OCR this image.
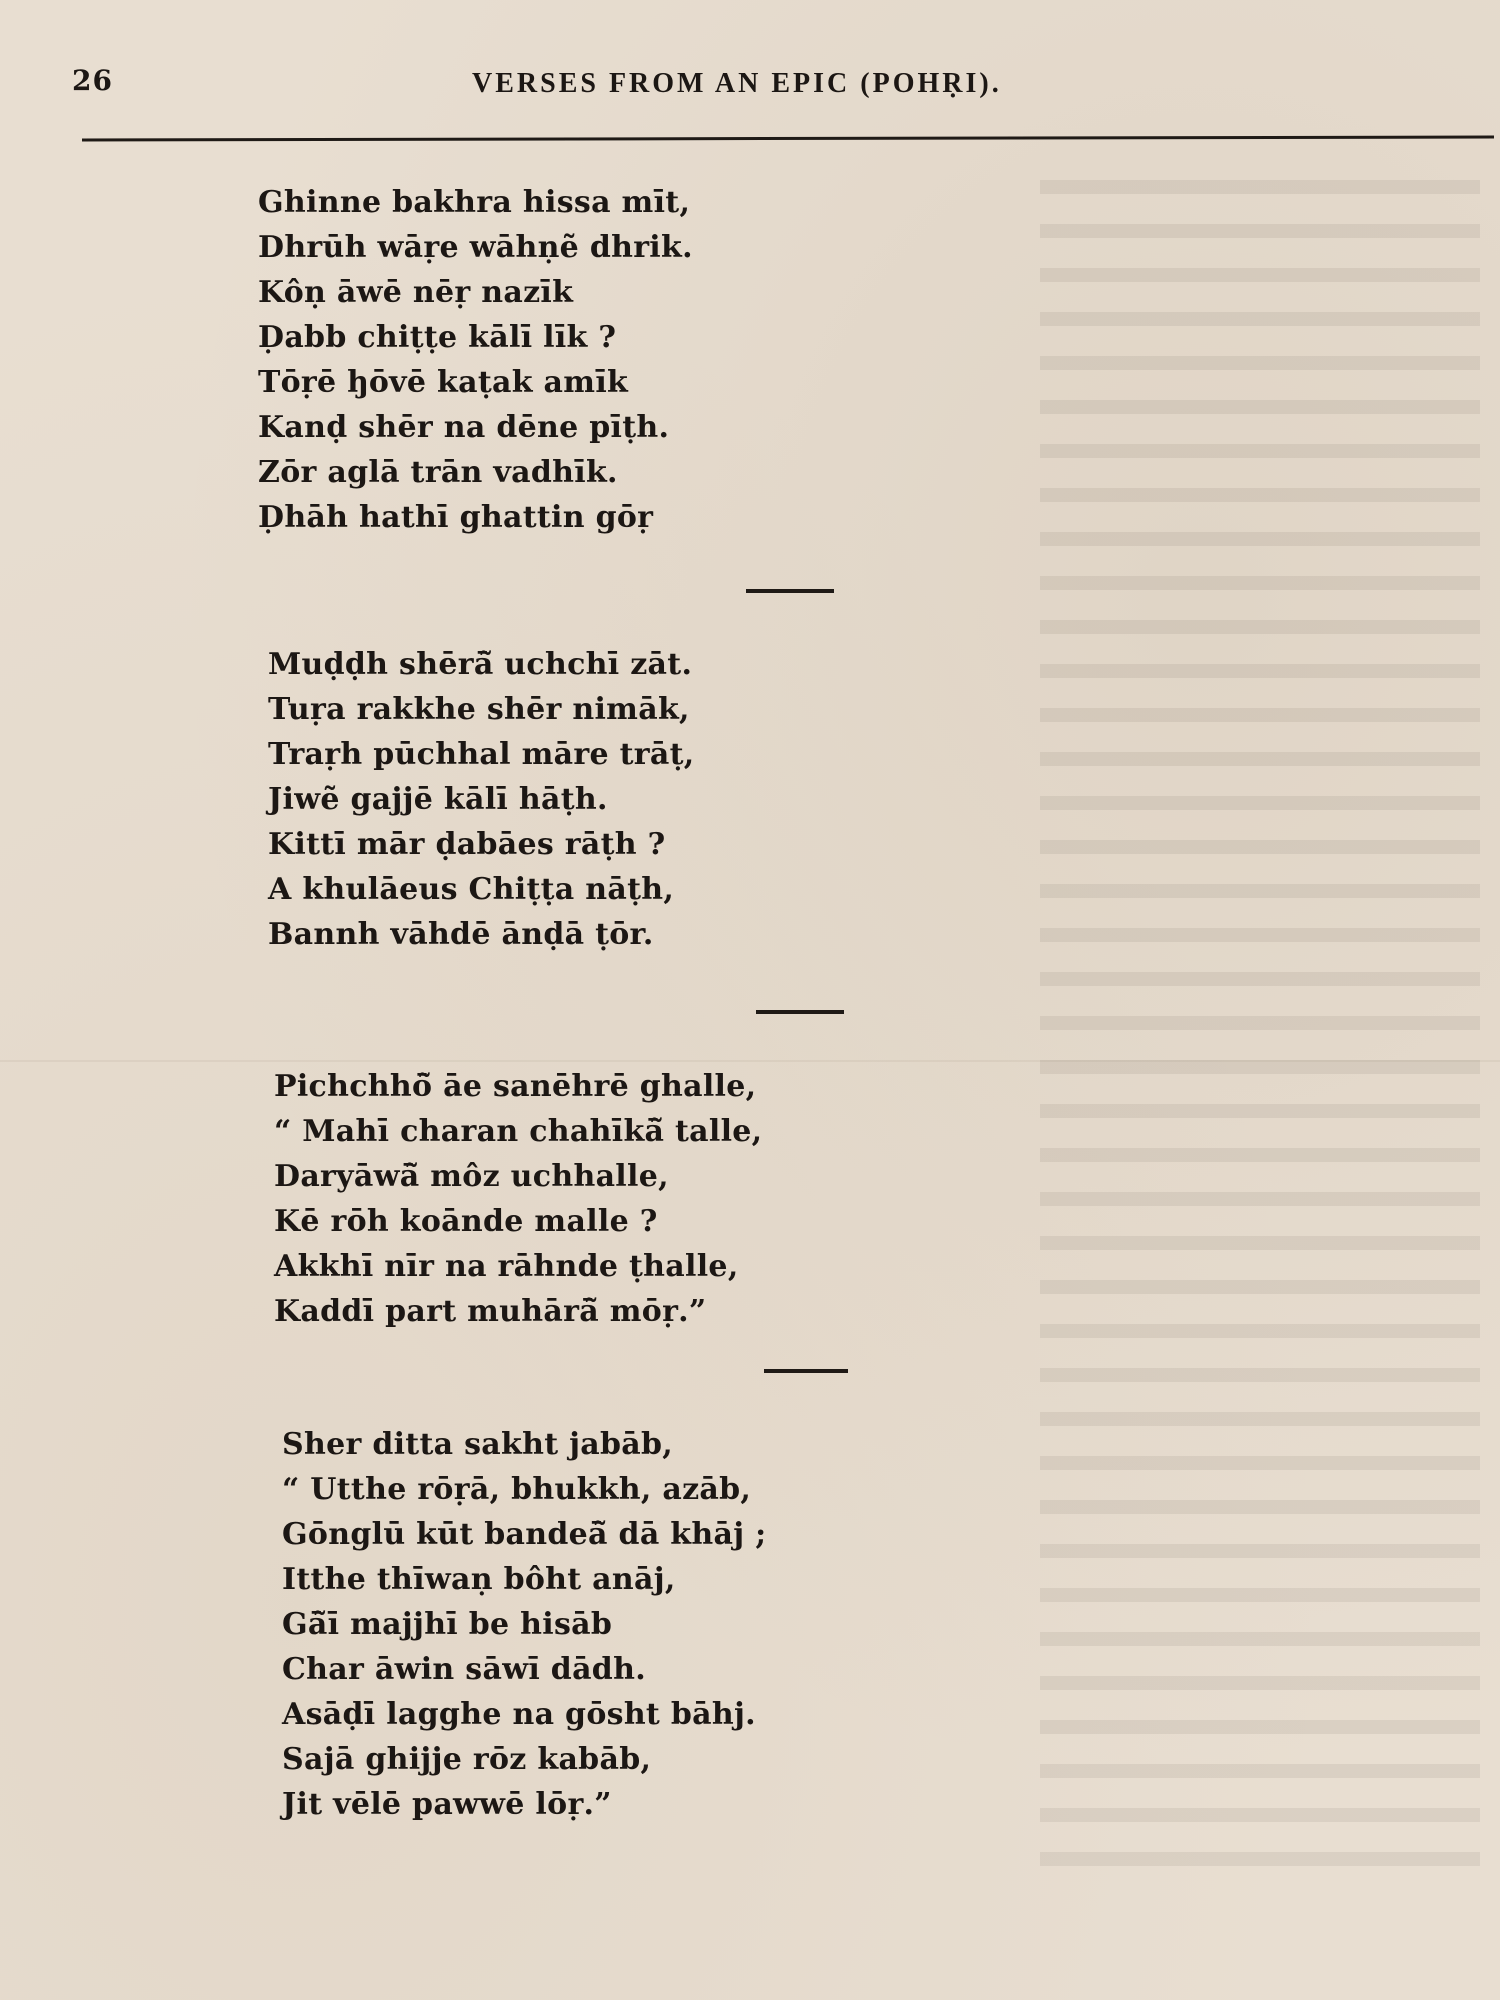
26	VERSES FROM AN EPIC (POHṚI).
Ghinne bakhra hissa mīt,
Dhrūh wāṛe wāhṇẽ dhrik.
Kôṇ āwē nēṛ nazīk
Ḍabb chiṭṭe kālī līk ?
Tōṛē ꜧōvē kaṭak amīk
Kanḍ shēr na dēne pīṭh.
Zōr aglā trān vadhīk.
Ḍhāh hathī ghattin gōṛ
Muḍḍh shērā̃ uchchī zāt.
Tuṛa rakkhe shēr nimāk,
Traṛh pūchhal māre trāṭ,
Jiwẽ gajjē kālī hāṭh.
Kittī mār ḍabāes rāṭh ?
A khulāeus Chiṭṭa nāṭh,
Bannh vāhdē ānḍā ṭōr.
Pichchhō̃ āe sanēhrē ghalle,
“ Mahī charan chahīkā̃ talle,
Daryāwā̃ môz uchhalle,
Kē rōh koānde malle ?
Akkhī nīr na rāhnde ṭhalle,
Kaddī part muhārā̃ mōṛ.”
Sher ditta sakht jabāb,
“ Utthe rōṛā, bhukkh, azāb,
Gōnglū kūt bandeā̃ dā khāj ;
Itthe thīwaṇ bôht anāj,
Gā̃ī majjhī be hisāb
Char āwin sāwī dādh.
Asāḍī lagghe na gōsht bāhj.
Sajā ghijje rōz kabāb,
Jit vēlē pawwē lōṛ.”
